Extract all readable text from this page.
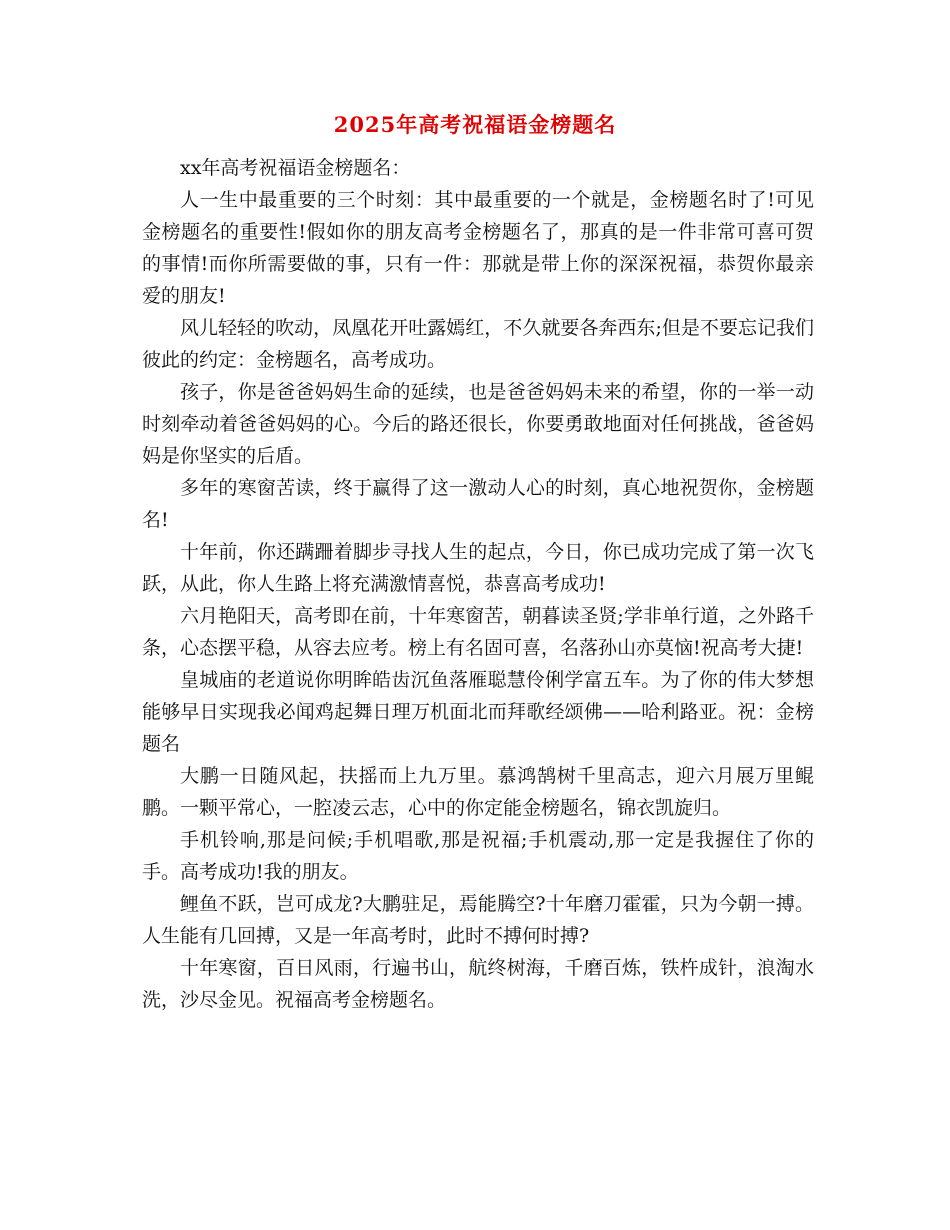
2025年高考祝福语金榜题名

xx年高考祝福语金榜题名：

人一生中最重要的三个时刻：其中最重要的一个就是，金榜题名时了!可见金榜题名的重要性!假如你的朋友高考金榜题名了，那真的是一件非常可喜可贺的事情!而你所需要做的事，只有一件：那就是带上你的深深祝福，恭贺你最亲爱的朋友!

风儿轻轻的吹动，凤凰花开吐露嫣红，不久就要各奔西东;但是不要忘记我们彼此的约定：金榜题名，高考成功。

孩子，你是爸爸妈妈生命的延续，也是爸爸妈妈未来的希望，你的一举一动时刻牵动着爸爸妈妈的心。今后的路还很长，你要勇敢地面对任何挑战，爸爸妈妈是你坚实的后盾。

多年的寒窗苦读，终于赢得了这一激动人心的时刻，真心地祝贺你，金榜题名!

十年前，你还蹒跚着脚步寻找人生的起点，今日，你已成功完成了第一次飞跃，从此，你人生路上将充满激情喜悦，恭喜高考成功!

六月艳阳天，高考即在前，十年寒窗苦，朝暮读圣贤;学非单行道，之外路千条，心态摆平稳，从容去应考。榜上有名固可喜，名落孙山亦莫恼!祝高考大捷!

皇城庙的老道说你明眸皓齿沉鱼落雁聪慧伶俐学富五车。为了你的伟大梦想能够早日实现我必闻鸡起舞日理万机面北而拜歌经颂佛——哈利路亚。祝：金榜题名

大鹏一日随风起，扶摇而上九万里。慕鸿鹄树千里高志，迎六月展万里鲲鹏。一颗平常心，一腔凌云志，心中的你定能金榜题名，锦衣凯旋归。

手机铃响,那是问候;手机唱歌,那是祝福;手机震动,那一定是我握住了你的手。高考成功!我的朋友。

鲤鱼不跃，岂可成龙?大鹏驻足，焉能腾空?十年磨刀霍霍，只为今朝一搏。人生能有几回搏，又是一年高考时，此时不搏何时搏?

十年寒窗，百日风雨，行遍书山，航终树海，千磨百炼，铁杵成针，浪淘水洗，沙尽金见。祝福高考金榜题名。
